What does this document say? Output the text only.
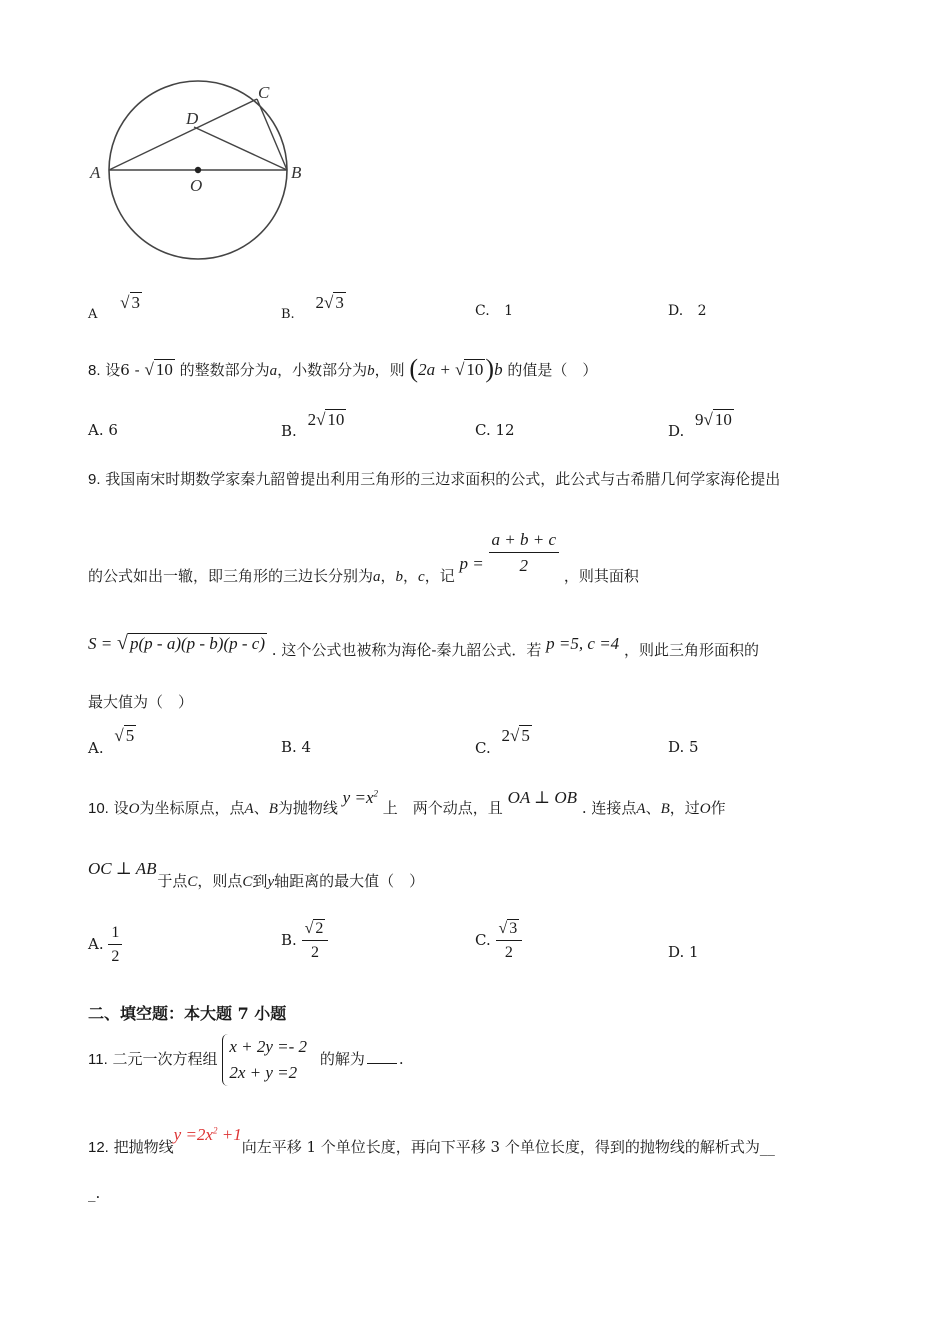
A	B
C
D
O
A √ 3
B. 2√ 3	C. 1	D. 2
8. 设6 - √ 10 的整数部分为a，小数部分为b，则 (2a + √ 10)b 的值是（　）
A. 6	B. 2√ 10
C. 12	D. 9√ 10
9. 我国南宋时期数学家秦九韶曾提出利用三角形的三边求面积的公式，此公式与古希腊几何学家海伦提出
的公式如出一辙，即三角形的三边长分别为a，b，c，记 $p = \frac{a + b + c}{2}$ ，则其面积
S = √ p(p - a)(p - b)(p - c) . 这个公式也被称为海伦-秦九韶公式．若 p =5, c =4 ，则此三角形面积的
最大值为（　）
A. √ 5
B. 4	C. 2√ 5
D. 5
10. 设O为坐标原点，点A、B为抛物线 $y =x^2$ 上　两个动点，且 OA ⊥ OB . 连接点A、B，过O作
OC ⊥ AB 于点C，则点C到y轴距离的最大值（　）
A. $\frac{1}{2}$	B. $\frac{√ 2}{2}$	C. $\frac{√ 3}{2}$	D. 1
二、填空题：本大题 7 小题
11. 二元一次方程组
x + 2y =- 2
2x + y =2
的解为 .
12. 把抛物线$y =2x^2 +1$向左平移 1 个单位长度，再向下平移 3 个单位长度，得到的抛物线的解析式为__
_.
